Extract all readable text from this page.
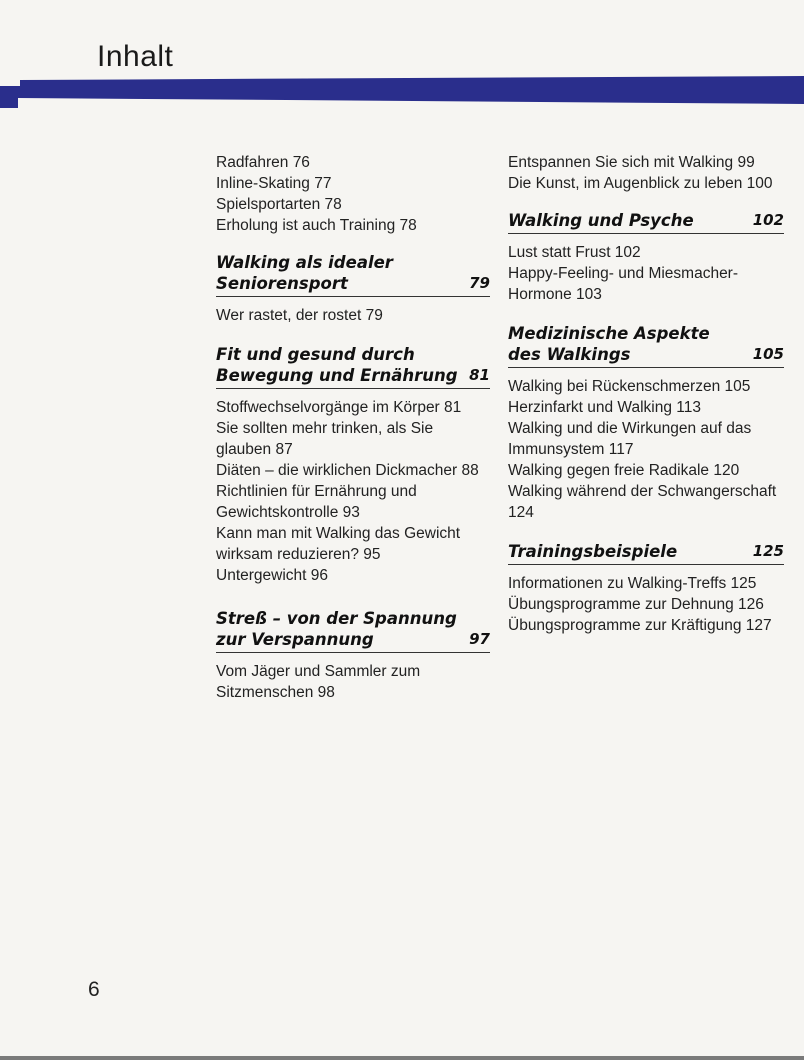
Inhalt
Radfahren 76
Inline-Skating 77
Spielsportarten 78
Erholung ist auch Training 78
Walking als idealer Seniorensport	79
Wer rastet, der rostet 79
Fit und gesund durch Bewegung und Ernährung 81
Stoffwechselvorgänge im Körper 81
Sie sollten mehr trinken, als Sie glauben 87
Diäten – die wirklichen Dickmacher 88
Richtlinien für Ernährung und Gewichtskontrolle 93
Kann man mit Walking das Gewicht wirksam reduzieren? 95
Untergewicht 96
Streß – von der Spannung zur Verspannung	97
Vom Jäger und Sammler zum Sitzmenschen 98
Entspannen Sie sich mit Walking 99
Die Kunst, im Augenblick zu leben 100
Walking und Psyche	102
Lust statt Frust 102
Happy-Feeling- und Miesmacher-Hormone 103
Medizinische Aspekte des Walkings	105
Walking bei Rückenschmerzen 105
Herzinfarkt und Walking 113
Walking und die Wirkungen auf das Immunsystem 117
Walking gegen freie Radikale 120
Walking während der Schwangerschaft 124
Trainingsbeispiele	125
Informationen zu Walking-Treffs 125
Übungsprogramme zur Dehnung 126
Übungsprogramme zur Kräftigung 127
6
